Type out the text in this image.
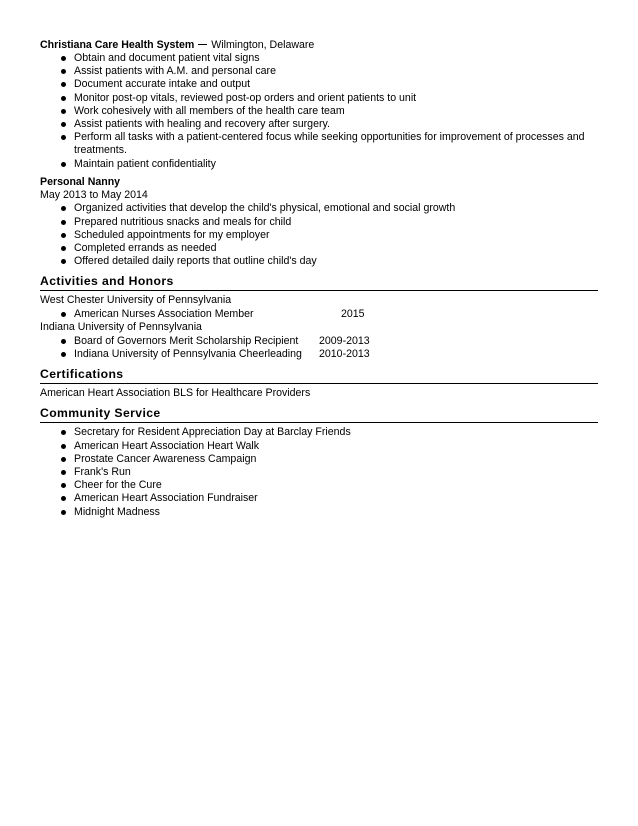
Christiana Care Health System Wilmington, Delaware

Obtain and document patient vital signs
Assist patients with A.M. and personal care
Document accurate intake and output
Monitor post-op vitals, reviewed post-op orders and orient patients to unit
Work cohesively with all members of the health care team
Assist patients with healing and recovery after surgery.
Perform all tasks with a patient-centered focus while seeking opportunities for improvement of processes and
treatments.
Maintain patient confidentiality

Personal Nanny

May 2013 to May 2014

Organized activities that develop the child's physical, emotional and social growth
Prepared nutritious snacks and meals for child
Scheduled appointments for my employer
Completed errands as needed
Offered detailed daily reports that outline child's day
Activities and Honors

West Chester University of Pennsylvania

American Nurses Association Member	2015

Indiana University of Pennsylvania

Board of Governors Merit Scholarship Recipient 2009-2013
Indiana University of Pennsylvania Cheerleading 2010-2013
Certifications

American Heart Association BLS for Healthcare Providers

Community Service
Secretary for Resident Appreciation Day at Barclay Friends
American Heart Association Heart Walk
Prostate Cancer Awareness Campaign
Frank's Run
Cheer for the Cure
American Heart Association Fundraiser
Midnight Madness
